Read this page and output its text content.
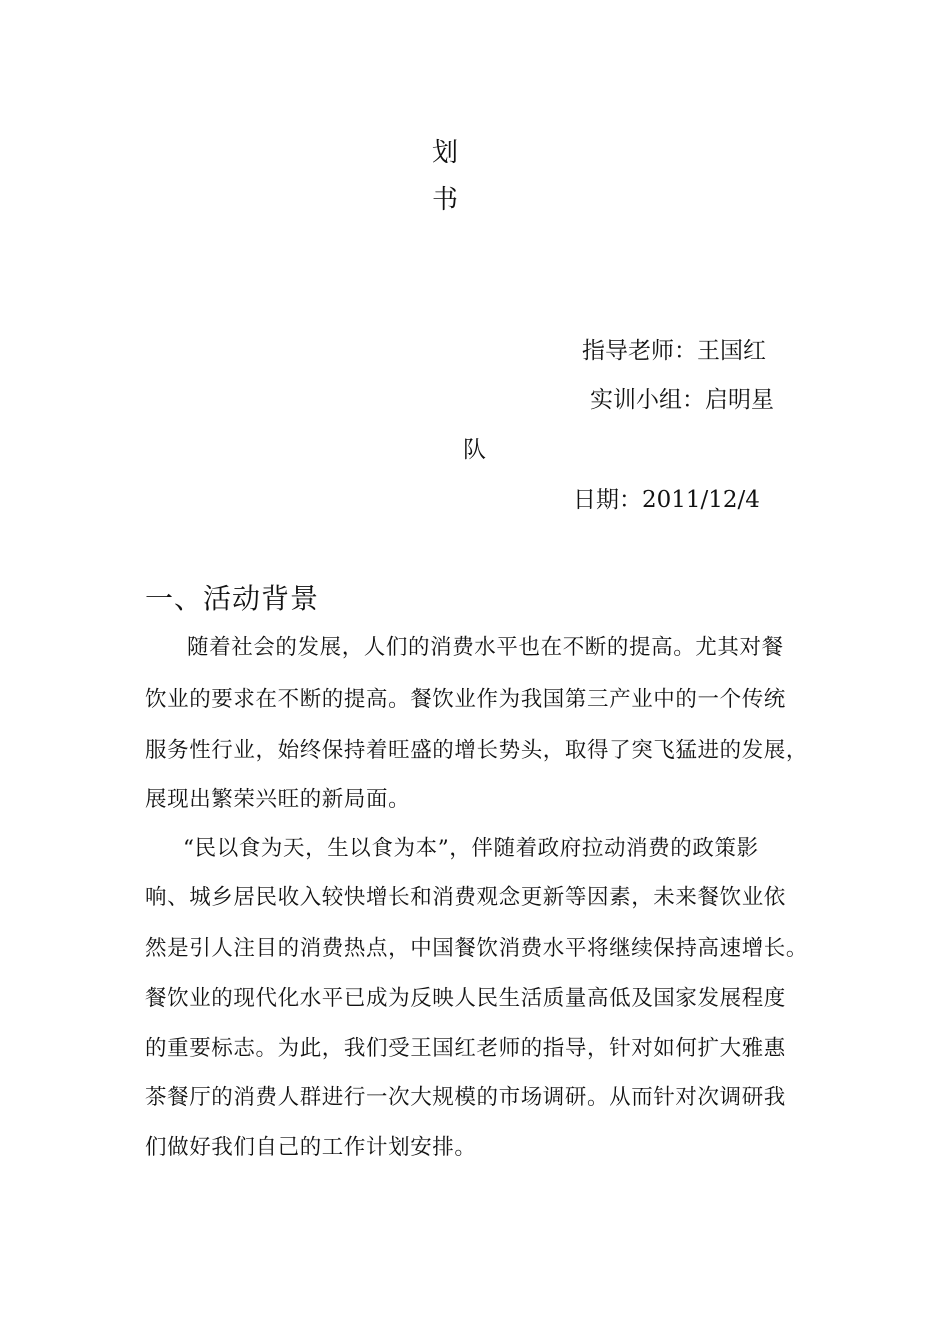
划
书
指导老师：王国红
实训小组：启明星
队
日期：2011/12/4
一、活动背景
随着社会的发展，人们的消费水平也在不断的提高。尤其对餐
饮业的要求在不断的提高。餐饮业作为我国第三产业中的一个传统
服务性行业，始终保持着旺盛的增长势头，取得了突飞猛进的发展，
展现出繁荣兴旺的新局面。
“民以食为天，生以食为本”，伴随着政府拉动消费的政策影
响、城乡居民收入较快增长和消费观念更新等因素，未来餐饮业依
然是引人注目的消费热点，中国餐饮消费水平将继续保持高速增长。
餐饮业的现代化水平已成为反映人民生活质量高低及国家发展程度
的重要标志。为此，我们受王国红老师的指导，针对如何扩大雅惠
茶餐厅的消费人群进行一次大规模的市场调研。从而针对次调研我
们做好我们自己的工作计划安排。
